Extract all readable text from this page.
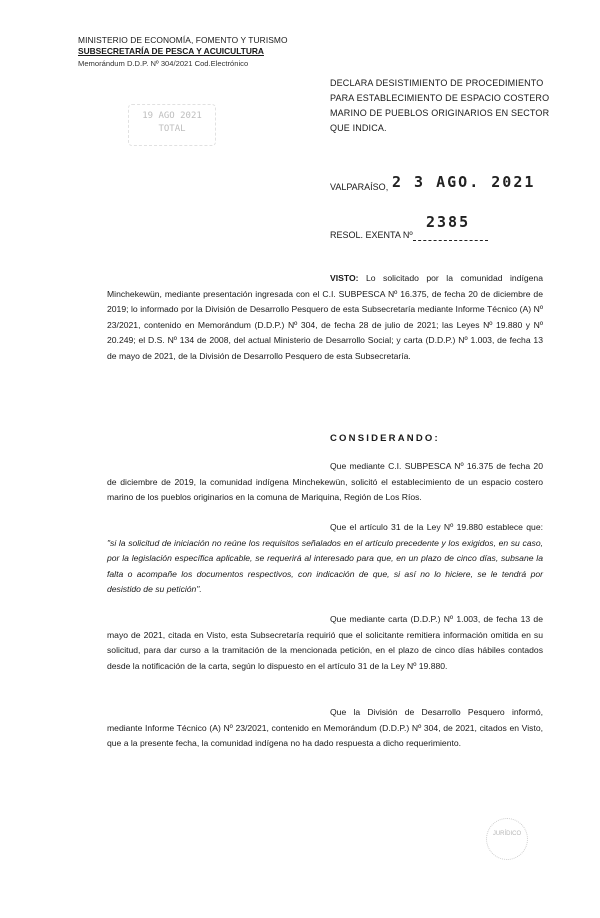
MINISTERIO DE ECONOMÍA, FOMENTO Y TURISMO
SUBSECRETARÍA DE PESCA Y ACUICULTURA
Memorándum D.D.P. Nº 304/2021 Cod.Electrónico
19 AGO 2021
TOTAL
DECLARA DESISTIMIENTO DE PROCEDIMIENTO PARA ESTABLECIMIENTO DE ESPACIO COSTERO MARINO DE PUEBLOS ORIGINARIOS EN SECTOR QUE INDICA.
VALPARAÍSO, 2 3 AGO. 2021
RESOL. EXENTA Nº
2385
VISTO: Lo solicitado por la comunidad indígena Minchekewün, mediante presentación ingresada con el C.I. SUBPESCA Nº 16.375, de fecha 20 de diciembre de 2019; lo informado por la División de Desarrollo Pesquero de esta Subsecretaría mediante Informe Técnico (A) Nº 23/2021, contenido en Memorándum (D.D.P.) Nº 304, de fecha 28 de julio de 2021; las Leyes Nº 19.880 y Nº 20.249; el D.S. Nº 134 de 2008, del actual Ministerio de Desarrollo Social; y carta (D.D.P.) Nº 1.003, de fecha 13 de mayo de 2021, de la División de Desarrollo Pesquero de esta Subsecretaría.
CONSIDERANDO:
Que mediante C.I. SUBPESCA Nº 16.375 de fecha 20 de diciembre de 2019, la comunidad indígena Minchekewün, solicitó el establecimiento de un espacio costero marino de los pueblos originarios en la comuna de Mariquina, Región de Los Ríos.
Que el artículo 31 de la Ley Nº 19.880 establece que: "si la solicitud de iniciación no reúne los requisitos señalados en el artículo precedente y los exigidos, en su caso, por la legislación específica aplicable, se requerirá al interesado para que, en un plazo de cinco días, subsane la falta o acompañe los documentos respectivos, con indicación de que, si así no lo hiciere, se le tendrá por desistido de su petición".
Que mediante carta (D.D.P.) Nº 1.003, de fecha 13 de mayo de 2021, citada en Visto, esta Subsecretaría requirió que el solicitante remitiera información omitida en su solicitud, para dar curso a la tramitación de la mencionada petición, en el plazo de cinco días hábiles contados desde la notificación de la carta, según lo dispuesto en el artículo 31 de la Ley Nº 19.880.
Que la División de Desarrollo Pesquero informó, mediante Informe Técnico (A) Nº 23/2021, contenido en Memorándum (D.D.P.) Nº 304, de 2021, citados en Visto, que a la presente fecha, la comunidad indígena no ha dado respuesta a dicho requerimiento.
JURÍDICO
